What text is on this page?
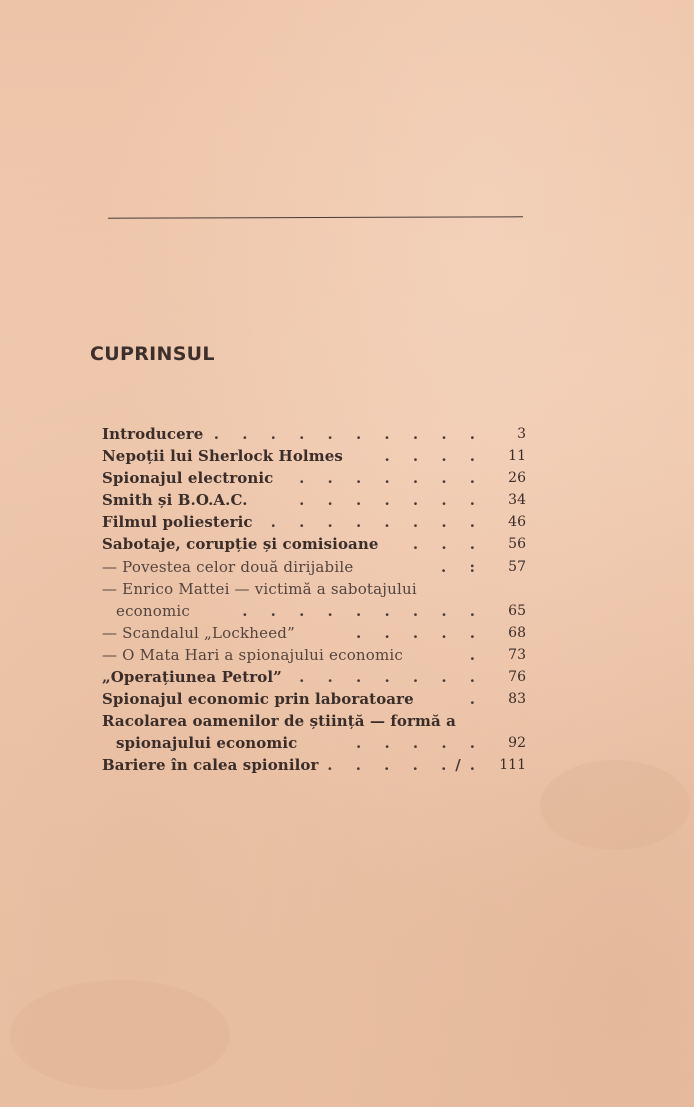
CUPRINSUL
Introducere . . . . . . . . . .	3
Nepoții lui Sherlock Holmes	. . . .	11
Spionajul electronic . . . . . . .	26
Smith și B.O.A.C.	. . . . . . .	34
Filmul poliesteric . . . . . . . .	46
Sabotaje, corupție și comisioane . . .	56
— Povestea celor două dirijabile	. :	57
— Enrico Mattei — victimă a sabotajului
economic	. . . . . . . . .	65
— Scandalul „Lockheed”	. . . . .	68
— O Mata Hari a spionajului economic	.	73
„Operațiunea Petrol” . . . . . . .	76
Spionajul economic prin laboratoare	.	83
Racolarea oamenilor de știință — formă a
spionajului economic	. . . . .	92
Bariere în calea spionilor . . . . ./.	111
